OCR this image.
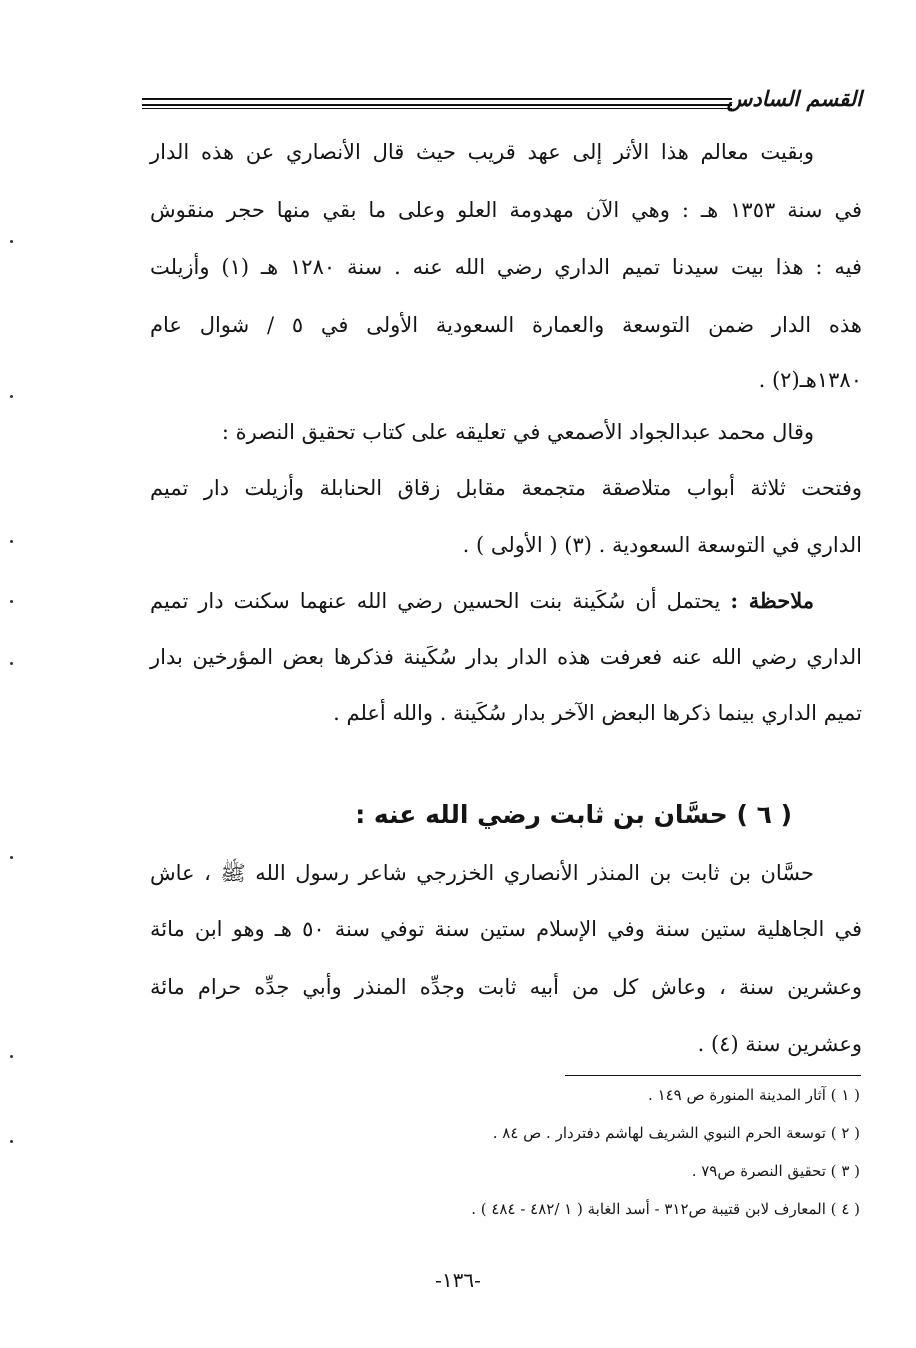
القسم السادس
وبقيت معالم هذا الأثر إلى عهد قريب حيث قال الأنصاري عن هذه الدار
في سنة ١٣٥٣ هـ : وهي الآن مهدومة العلو وعلى ما بقي منها حجر منقوش
فيه : هذا بيت سيدنا تميم الداري رضي الله عنه . سنة ١٢٨٠ هـ (١) وأزيلت
هذه الدار ضمن التوسعة والعمارة السعودية الأولى في ٥ / شوال عام
١٣٨٠هـ(٢) .
وقال محمد عبدالجواد الأصمعي في تعليقه على كتاب تحقيق النصرة :
وفتحت ثلاثة أبواب متلاصقة متجمعة مقابل زقاق الحنابلة وأزيلت دار تميم
الداري في التوسعة السعودية . (٣) ( الأولى ) .
ملاحظة : يحتمل أن سُكَينة بنت الحسين رضي الله عنهما سكنت دار تميم
الداري رضي الله عنه فعرفت هذه الدار بدار سُكَينة فذكرها بعض المؤرخين بدار
تميم الداري بينما ذكرها البعض الآخر بدار سُكَينة . والله أعلم .
( ٦ ) حسَّان بن ثابت رضي الله عنه :
حسَّان بن ثابت بن المنذر الأنصاري الخزرجي شاعر رسول الله ﷺ ، عاش
في الجاهلية ستين سنة وفي الإسلام ستين سنة توفي سنة ٥٠ هـ وهو ابن مائة
وعشرين سنة ، وعاش كل من أبيه ثابت وجدِّه المنذر وأبي جدِّه حرام مائة
وعشرين سنة (٤) .
( ١ ) آثار المدينة المنورة ص ١٤٩ .
( ٢ ) توسعة الحرم النبوي الشريف لهاشم دفتردار . ص ٨٤ .
( ٣ ) تحقيق النصرة ص٧٩ .
( ٤ ) المعارف لابن قتيبة ص٣١٢ - أسد الغابة ( ١ /٤٨٢ - ٤٨٤ ) .
-١٣٦-
